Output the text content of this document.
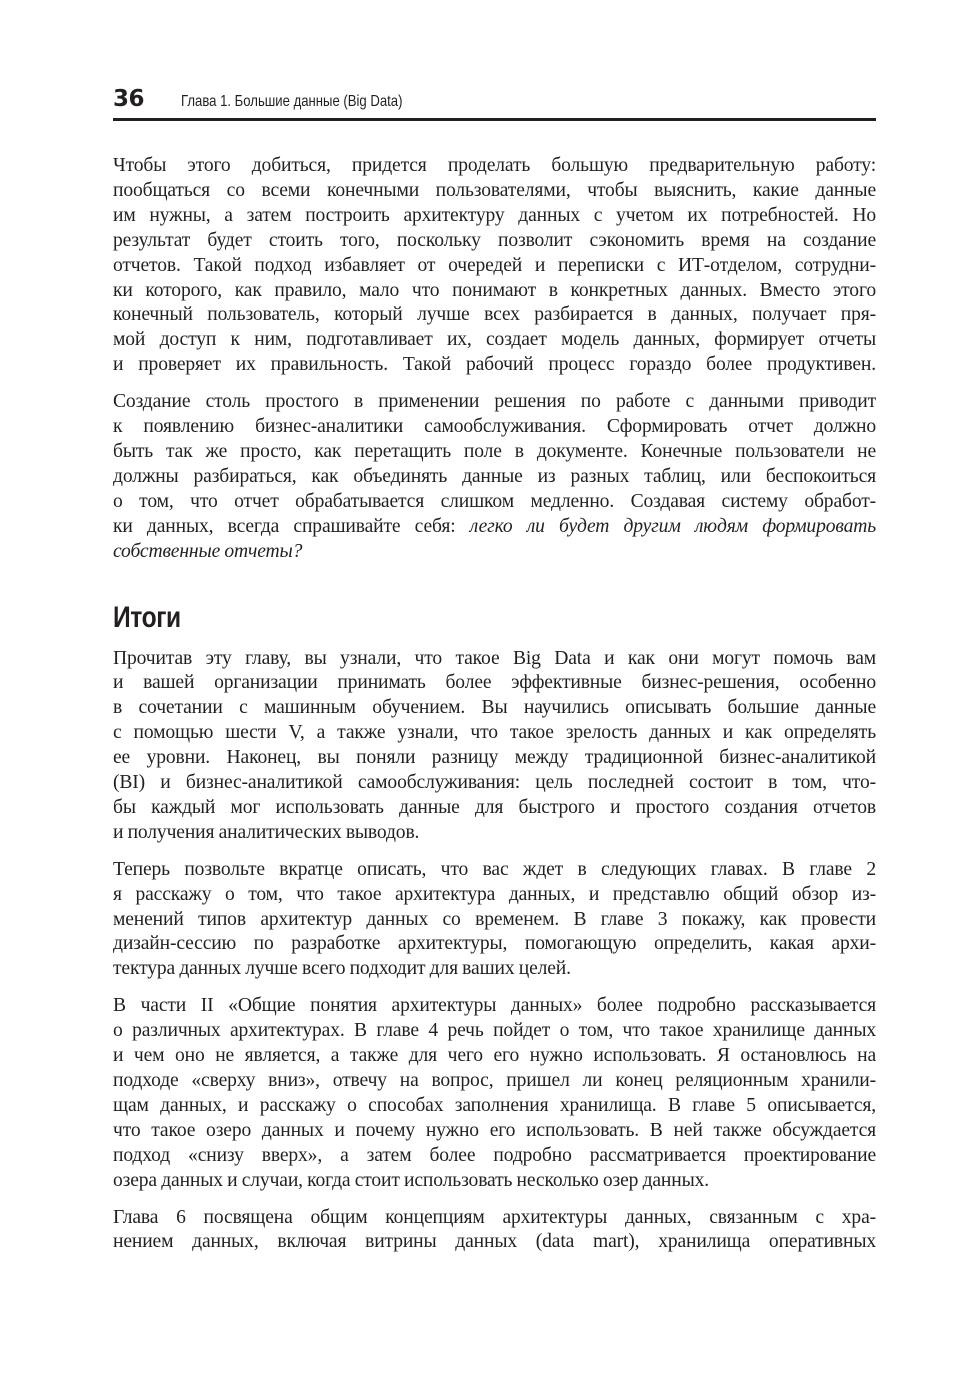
36	Глава 1. Большие данные (Big Data)

Чтобы этого добиться, придется проделать большую предварительную работу:
пообщаться со всеми конечными пользователями, чтобы выяснить, какие данные
им нужны, а затем построить архитектуру данных с учетом их потребностей. Но
результат будет стоить того, поскольку позволит сэкономить время на создание
отчетов. Такой подход избавляет от очередей и переписки с ИТ-отделом, сотрудни-
ки которого, как правило, мало что понимают в конкретных данных. Вместо этого
конечный пользователь, который лучше всех разбирается в данных, получает пря-
мой доступ к ним, подготавливает их, создает модель данных, формирует отчеты
и проверяет их правильность. Такой рабочий процесс гораздо более продуктивен.

Создание столь простого в применении решения по работе с данными приводит
к появлению бизнес-аналитики самообслуживания. Сформировать отчет должно
быть так же просто, как перетащить поле в документе. Конечные пользователи не
должны разбираться, как объединять данные из разных таблиц, или беспокоиться
о том, что отчет обрабатывается слишком медленно. Создавая систему обработ-
ки данных, всегда спрашивайте себя: легко ли будет другим людям формировать
собственные отчеты?

Итоги

Прочитав эту главу, вы узнали, что такое Big Data и как они могут помочь вам
и вашей организации принимать более эффективные бизнес-решения, особенно
в сочетании с машинным обучением. Вы научились описывать большие данные
с помощью шести V, а также узнали, что такое зрелость данных и как определять
ее уровни. Наконец, вы поняли разницу между традиционной бизнес-аналитикой
(BI) и бизнес-аналитикой самообслуживания: цель последней состоит в том, что-
бы каждый мог использовать данные для быстрого и простого создания отчетов
и получения аналитических выводов.

Теперь позвольте вкратце описать, что вас ждет в следующих главах. В главе 2
я расскажу о том, что такое архитектура данных, и представлю общий обзор из-
менений типов архитектур данных со временем. В главе 3 покажу, как провести
дизайн-сессию по разработке архитектуры, помогающую определить, какая архи-
тектура данных лучше всего подходит для ваших целей.

В части II «Общие понятия архитектуры данных» более подробно рассказывается
о различных архитектурах. В главе 4 речь пойдет о том, что такое хранилище данных
и чем оно не является, а также для чего его нужно использовать. Я остановлюсь на
подходе «сверху вниз», отвечу на вопрос, пришел ли конец реляционным хранили-
щам данных, и расскажу о способах заполнения хранилища. В главе 5 описывается,
что такое озеро данных и почему нужно его использовать. В ней также обсуждается
подход «снизу вверх», а затем более подробно рассматривается проектирование
озера данных и случаи, когда стоит использовать несколько озер данных.

Глава 6 посвящена общим концепциям архитектуры данных, связанным с хра-
нением данных, включая витрины данных (data mart), хранилища оперативных
